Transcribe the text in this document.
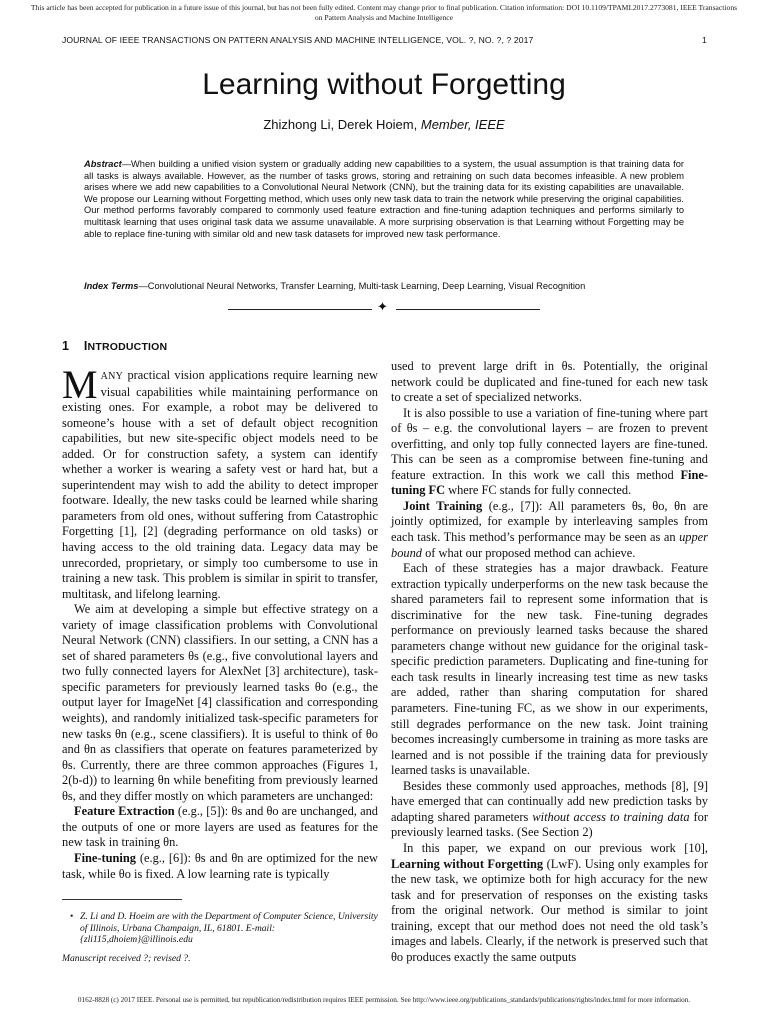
This article has been accepted for publication in a future issue of this journal, but has not been fully edited. Content may change prior to final publication. Citation information: DOI 10.1109/TPAMI.2017.2773081, IEEE Transactions on Pattern Analysis and Machine Intelligence
JOURNAL OF IEEE TRANSACTIONS ON PATTERN ANALYSIS AND MACHINE INTELLIGENCE, VOL. ?, NO. ?, ? 2017	1
Learning without Forgetting
Zhizhong Li, Derek Hoiem, Member, IEEE
Abstract—When building a unified vision system or gradually adding new capabilities to a system, the usual assumption is that training data for all tasks is always available. However, as the number of tasks grows, storing and retraining on such data becomes infeasible. A new problem arises where we add new capabilities to a Convolutional Neural Network (CNN), but the training data for its existing capabilities are unavailable. We propose our Learning without Forgetting method, which uses only new task data to train the network while preserving the original capabilities. Our method performs favorably compared to commonly used feature extraction and fine-tuning adaption techniques and performs similarly to multitask learning that uses original task data we assume unavailable. A more surprising observation is that Learning without Forgetting may be able to replace fine-tuning with similar old and new task datasets for improved new task performance.
Index Terms—Convolutional Neural Networks, Transfer Learning, Multi-task Learning, Deep Learning, Visual Recognition
✦
1 INTRODUCTION

MANY practical vision applications require learning new visual capabilities while maintaining performance on existing ones. For example, a robot may be delivered to someone’s house with a set of default object recognition capabilities, but new site-specific object models need to be added. Or for construction safety, a system can identify whether a worker is wearing a safety vest or hard hat, but a superintendent may wish to add the ability to detect improper footware. Ideally, the new tasks could be learned while sharing parameters from old ones, without suffering from Catastrophic Forgetting [1], [2] (degrading performance on old tasks) or having access to the old training data. Legacy data may be unrecorded, proprietary, or simply too cumbersome to use in training a new task. This problem is similar in spirit to transfer, multitask, and lifelong learning.

We aim at developing a simple but effective strategy on a variety of image classification problems with Convolutional Neural Network (CNN) classifiers. In our setting, a CNN has a set of shared parameters θs (e.g., five convolutional layers and two fully connected layers for AlexNet [3] architecture), task-specific parameters for previously learned tasks θo (e.g., the output layer for ImageNet [4] classification and corresponding weights), and randomly initialized task-specific parameters for new tasks θn (e.g., scene classifiers). It is useful to think of θo and θn as classifiers that operate on features parameterized by θs. Currently, there are three common approaches (Figures 1, 2(b-d)) to learning θn while benefiting from previously learned θs, and they differ mostly on which parameters are unchanged:

Feature Extraction (e.g., [5]): θs and θo are unchanged, and the outputs of one or more layers are used as features for the new task in training θn.

Fine-tuning (e.g., [6]): θs and θn are optimized for the new task, while θo is fixed. A low learning rate is typically

used to prevent large drift in θs. Potentially, the original network could be duplicated and fine-tuned for each new task to create a set of specialized networks.

It is also possible to use a variation of fine-tuning where part of θs – e.g. the convolutional layers – are frozen to prevent overfitting, and only top fully connected layers are fine-tuned. This can be seen as a compromise between fine-tuning and feature extraction. In this work we call this method Fine-tuning FC where FC stands for fully connected.

Joint Training (e.g., [7]): All parameters θs, θo, θn are jointly optimized, for example by interleaving samples from each task. This method’s performance may be seen as an upper bound of what our proposed method can achieve.

Each of these strategies has a major drawback. Feature extraction typically underperforms on the new task because the shared parameters fail to represent some information that is discriminative for the new task. Fine-tuning degrades performance on previously learned tasks because the shared parameters change without new guidance for the original task-specific prediction parameters. Duplicating and fine-tuning for each task results in linearly increasing test time as new tasks are added, rather than sharing computation for shared parameters. Fine-tuning FC, as we show in our experiments, still degrades performance on the new task. Joint training becomes increasingly cumbersome in training as more tasks are learned and is not possible if the training data for previously learned tasks is unavailable.

Besides these commonly used approaches, methods [8], [9] have emerged that can continually add new prediction tasks by adapting shared parameters without access to training data for previously learned tasks. (See Section 2)

In this paper, we expand on our previous work [10], Learning without Forgetting (LwF). Using only examples for the new task, we optimize both for high accuracy for the new task and for preservation of responses on the existing tasks from the original network. Our method is similar to joint training, except that our method does not need the old task’s images and labels. Clearly, if the network is preserved such that θo produces exactly the same outputs

• Z. Li and D. Hoeim are with the Department of Computer Science, University of Illinois, Urbana Champaign, IL, 61801. E-mail: {zli115,dhoiem}@illinois.edu
Manuscript received ?; revised ?.
0162-8828 (c) 2017 IEEE. Personal use is permitted, but republication/redistribution requires IEEE permission. See http://www.ieee.org/publications_standards/publications/rights/index.html for more information.
